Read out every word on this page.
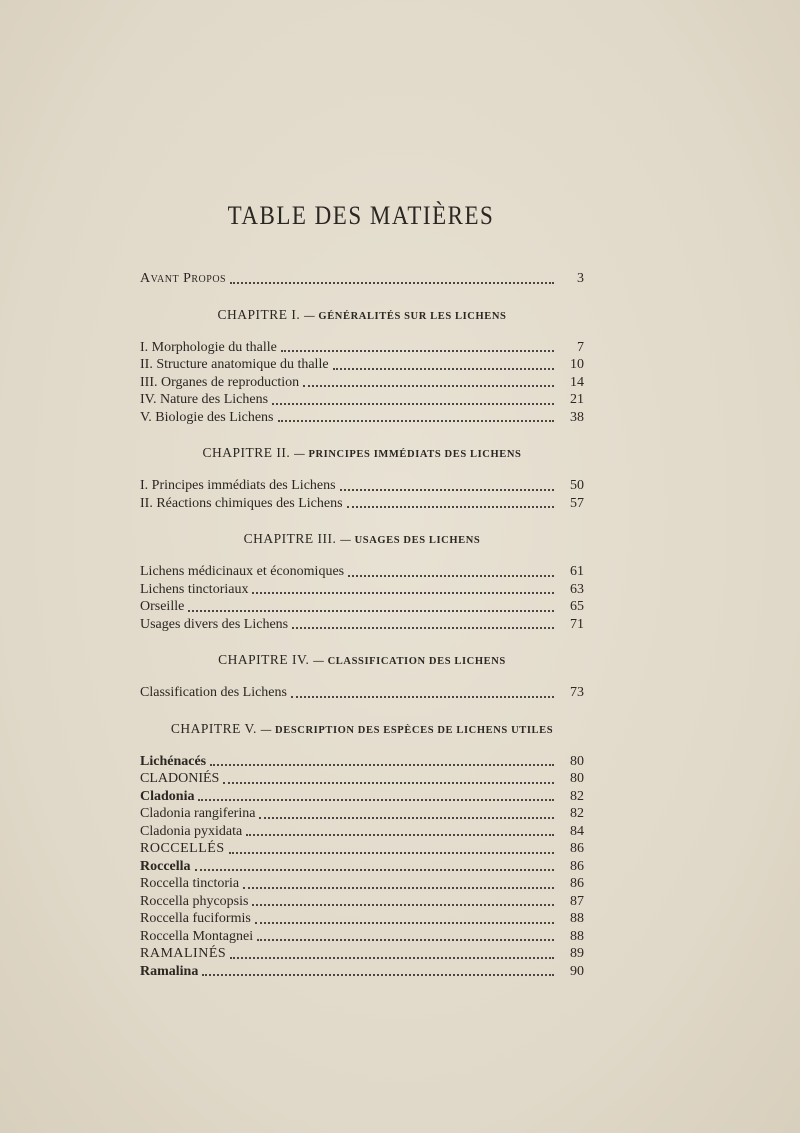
TABLE DES MATIÈRES
Avant Propos	3
CHAPITRE I. — GÉNÉRALITÉS SUR LES LICHENS
I. Morphologie du thalle	7
II. Structure anatomique du thalle	10
III. Organes de reproduction	14
IV. Nature des Lichens	21
V. Biologie des Lichens	38
CHAPITRE II. — PRINCIPES IMMÉDIATS DES LICHENS
I. Principes immédiats des Lichens	50
II. Réactions chimiques des Lichens	57
CHAPITRE III. — USAGES DES LICHENS
Lichens médicinaux et économiques	61
Lichens tinctoriaux	63
Orseille	65
Usages divers des Lichens	71
CHAPITRE IV. — CLASSIFICATION DES LICHENS
Classification des Lichens	73
CHAPITRE V. — DESCRIPTION DES ESPÈCES DE LICHENS UTILES
Lichénacés	80
CLADONIÉS	80
Cladonia	82
Cladonia rangiferina	82
Cladonia pyxidata	84
ROCCELLÉS	86
Roccella	86
Roccella tinctoria	86
Roccella phycopsis	87
Roccella fuciformis	88
Roccella Montagnei	88
RAMALINÉS	89
Ramalina	90
